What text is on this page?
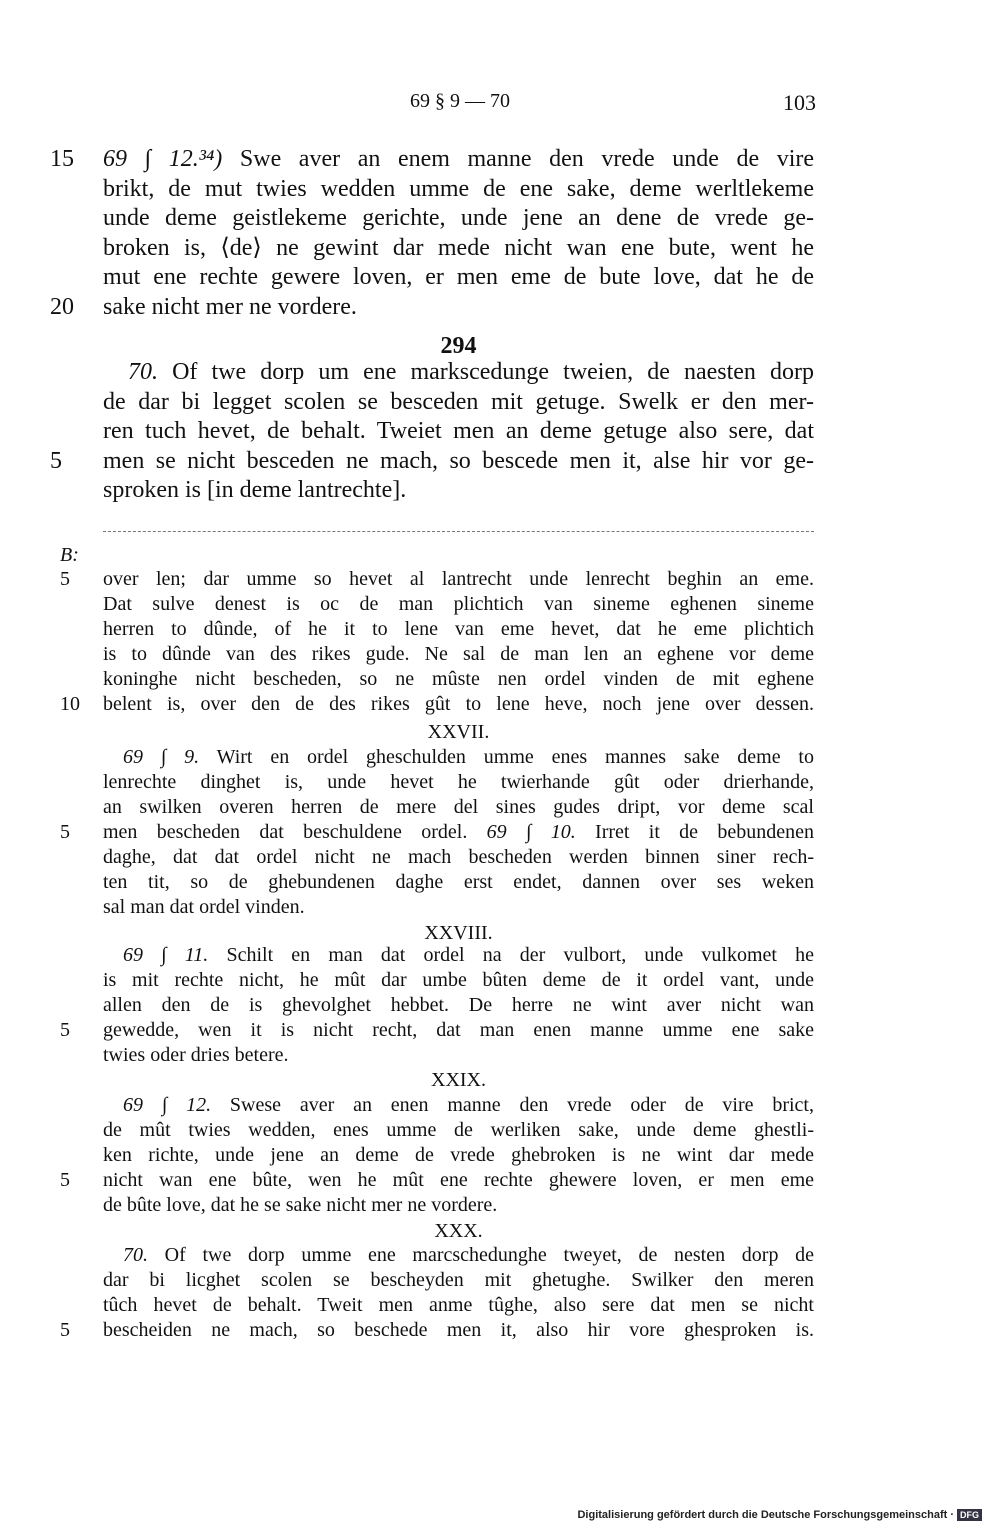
69 § 9 — 70	103
15	69 ∫ 12.³⁴) Swe aver an enem manne den vrede unde de vire
brikt, de mut twies wedden umme de ene sake, deme werltlekeme
unde deme geistlekeme gerichte, unde jene an dene de vrede ge-
broken is, ⟨de⟩ ne gewint dar mede nicht wan ene bute, went he
mut ene rechte gewere loven, er men eme de bute love, dat he de
20	sake nicht mer ne vordere.
294
70. Of twe dorp um ene markscedunge tweien, de naesten dorp
de dar bi legget scolen se besceden mit getuge. Swelk er den mer-
ren tuch hevet, de behalt. Tweiet men an deme getuge also sere, dat
5	men se nicht besceden ne mach, so bescede men it, alse hir vor ge-
sproken is [in deme lantrechte].
B:
5	over len; dar umme so hevet al lantrecht unde lenrecht beghin an eme.
Dat sulve denest is oc de man plichtich van sineme eghenen sineme
herren to dûnde, of he it to lene van eme hevet, dat he eme plichtich
is to dûnde van des rikes gude. Ne sal de man len an eghene vor deme
koninghe nicht bescheden, so ne mûste nen ordel vinden de mit eghene
10	belent is, over den de des rikes gût to lene heve, noch jene over dessen.
XXVII.
69 ∫ 9. Wirt en ordel gheschulden umme enes mannes sake deme to
lenrechte dinghet is, unde hevet he twierhande gût oder drierhande,
an swilken overen herren de mere del sines gudes dript, vor deme scal
5	men bescheden dat beschuldene ordel. 69 ∫ 10. Irret it de bebundenen
daghe, dat dat ordel nicht ne mach bescheden werden binnen siner rech-
ten tit, so de ghebundenen daghe erst endet, dannen over ses weken
sal man dat ordel vinden.
XXVIII.
69 ∫ 11. Schilt en man dat ordel na der vulbort, unde vulkomet he
is mit rechte nicht, he mût dar umbe bûten deme de it ordel vant, unde
allen den de is ghevolghet hebbet. De herre ne wint aver nicht wan
5	gewedde, wen it is nicht recht, dat man enen manne umme ene sake
twies oder dries betere.
XXIX.
69 ∫ 12. Swese aver an enen manne den vrede oder de vire brict,
de mût twies wedden, enes umme de werliken sake, unde deme ghestli-
ken richte, unde jene an deme de vrede ghebroken is ne wint dar mede
5	nicht wan ene bûte, wen he mût ene rechte ghewere loven, er men eme
de bûte love, dat he se sake nicht mer ne vordere.
XXX.
70. Of twe dorp umme ene marcschedunghe tweyet, de nesten dorp de
dar bi licghet scolen se bescheyden mit ghetughe. Swilker den meren
tûch hevet de behalt. Tweit men anme tûghe, also sere dat men se nicht
5	bescheiden ne mach, so beschede men it, also hir vore ghesproken is.
Digitalisierung gefördert durch die Deutsche Forschungsgemeinschaft · DFG
